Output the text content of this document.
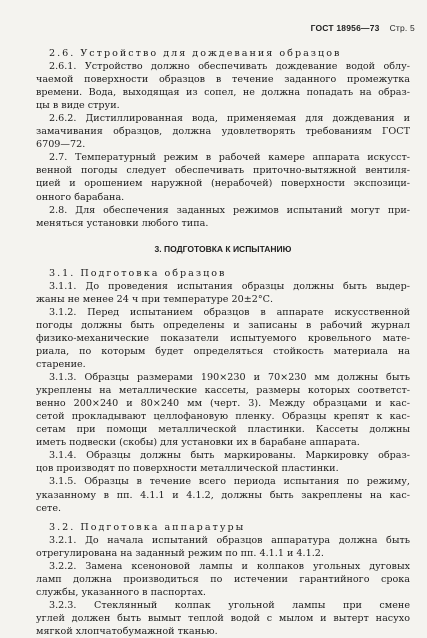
ГОСТ 18956—73 Стр. 5
2.6. Устройство для дождевания образцов
2.6.1. Устройство должно обеспечивать дождевание водой облу-
чаемой поверхности образцов в течение заданного промежутка
времени. Вода, выходящая из сопел, не должна попадать на образ-
цы в виде струи.
2.6.2. Дистиллированная вода, применяемая для дождевания и
замачивания образцов, должна удовлетворять требованиям ГОСТ
6709—72.
2.7. Температурный режим в рабочей камере аппарата искусст-
венной погоды следует обеспечивать приточно-вытяжной вентиля-
цией и орошением наружной (нерабочей) поверхности экспозици-
онного барабана.
2.8. Для обеспечения заданных режимов испытаний могут при-
меняться установки любого типа.
3. ПОДГОТОВКА К ИСПЫТАНИЮ
3.1. Подготовка образцов
3.1.1. До проведения испытания образцы должны быть выдер-
жаны не менее 24 ч при температуре 20±2°С.
3.1.2. Перед испытанием образцов в аппарате искусственной
погоды должны быть определены и записаны в рабочий журнал
физико-механические показатели испытуемого кровельного мате-
риала, по которым будет определяться стойкость материала на
старение.
3.1.3. Образцы размерами 190×230 и 70×230 мм должны быть
укреплены на металлические кассеты, размеры которых соответст-
венно 200×240 и 80×240 мм (черт. 3). Между образцами и кас-
сетой прокладывают целлофановую пленку. Образцы крепят к кас-
сетам при помощи металлической пластинки. Кассеты должны
иметь подвески (скобы) для установки их в барабане аппарата.
3.1.4. Образцы должны быть маркированы. Маркировку образ-
цов производят по поверхности металлической пластинки.
3.1.5. Образцы в течение всего периода испытания по режиму,
указанному в пп. 4.1.1 и 4.1.2, должны быть закреплены на кас-
сете.
3.2. Подготовка аппаратуры
3.2.1. До начала испытаний образцов аппаратура должна быть
отрегулирована на заданный режим по пп. 4.1.1 и 4.1.2.
3.2.2. Замена ксеноновой лампы и колпаков угольных дуговых
ламп должна производиться по истечении гарантийного срока
службы, указанного в паспортах.
3.2.3. Стеклянный колпак угольной лампы при смене
углей должен быть вымыт теплой водой с мылом и вытерт насухо
мягкой хлопчатобумажной тканью.
